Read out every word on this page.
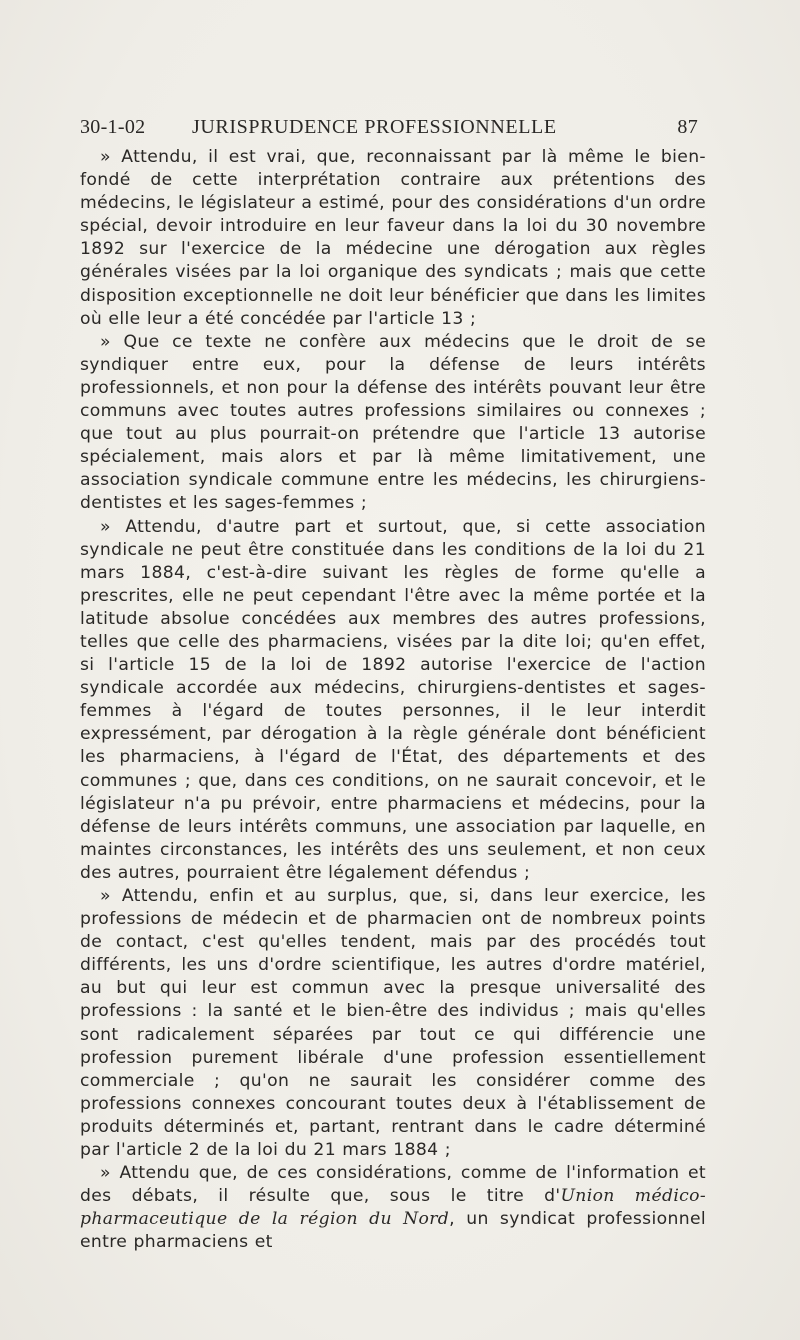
30-1-02 JURISPRUDENCE PROFESSIONNELLE	87

» Attendu, il est vrai, que, reconnaissant par là même le bien-fondé de cette interprétation contraire aux prétentions des médecins, le législateur a estimé, pour des considérations d'un ordre spécial, devoir introduire en leur faveur dans la loi du 30 novembre 1892 sur l'exercice de la médecine une dérogation aux règles générales visées par la loi organique des syndicats ; mais que cette disposition exceptionnelle ne doit leur bénéficier que dans les limites où elle leur a été concédée par l'article 13 ;

» Que ce texte ne confère aux médecins que le droit de se syndiquer entre eux, pour la défense de leurs intérêts professionnels, et non pour la défense des intérêts pouvant leur être communs avec toutes autres professions similaires ou connexes ; que tout au plus pourrait-on prétendre que l'article 13 autorise spécialement, mais alors et par là même limitativement, une association syndicale commune entre les médecins, les chirurgiens-dentistes et les sages-femmes ;

» Attendu, d'autre part et surtout, que, si cette association syndicale ne peut être constituée dans les conditions de la loi du 21 mars 1884, c'est-à-dire suivant les règles de forme qu'elle a prescrites, elle ne peut cependant l'être avec la même portée et la latitude absolue concédées aux membres des autres professions, telles que celle des pharmaciens, visées par la dite loi; qu'en effet, si l'article 15 de la loi de 1892 autorise l'exercice de l'action syndicale accordée aux médecins, chirurgiens-dentistes et sages-femmes à l'égard de toutes personnes, il le leur interdit expressément, par dérogation à la règle générale dont bénéficient les pharmaciens, à l'égard de l'État, des départements et des communes ; que, dans ces conditions, on ne saurait concevoir, et le législateur n'a pu prévoir, entre pharmaciens et médecins, pour la défense de leurs intérêts communs, une association par laquelle, en maintes circonstances, les intérêts des uns seulement, et non ceux des autres, pourraient être légalement défendus ;

» Attendu, enfin et au surplus, que, si, dans leur exercice, les professions de médecin et de pharmacien ont de nombreux points de contact, c'est qu'elles tendent, mais par des procédés tout différents, les uns d'ordre scientifique, les autres d'ordre matériel, au but qui leur est commun avec la presque universalité des professions : la santé et le bien-être des individus ; mais qu'elles sont radicalement séparées par tout ce qui différencie une profession purement libérale d'une profession essentiellement commerciale ; qu'on ne saurait les considérer comme des professions connexes concourant toutes deux à l'établissement de produits déterminés et, partant, rentrant dans le cadre déterminé par l'article 2 de la loi du 21 mars 1884 ;

» Attendu que, de ces considérations, comme de l'information et des débats, il résulte que, sous le titre d'Union médico-pharmaceutique de la région du Nord, un syndicat professionnel entre pharmaciens et
